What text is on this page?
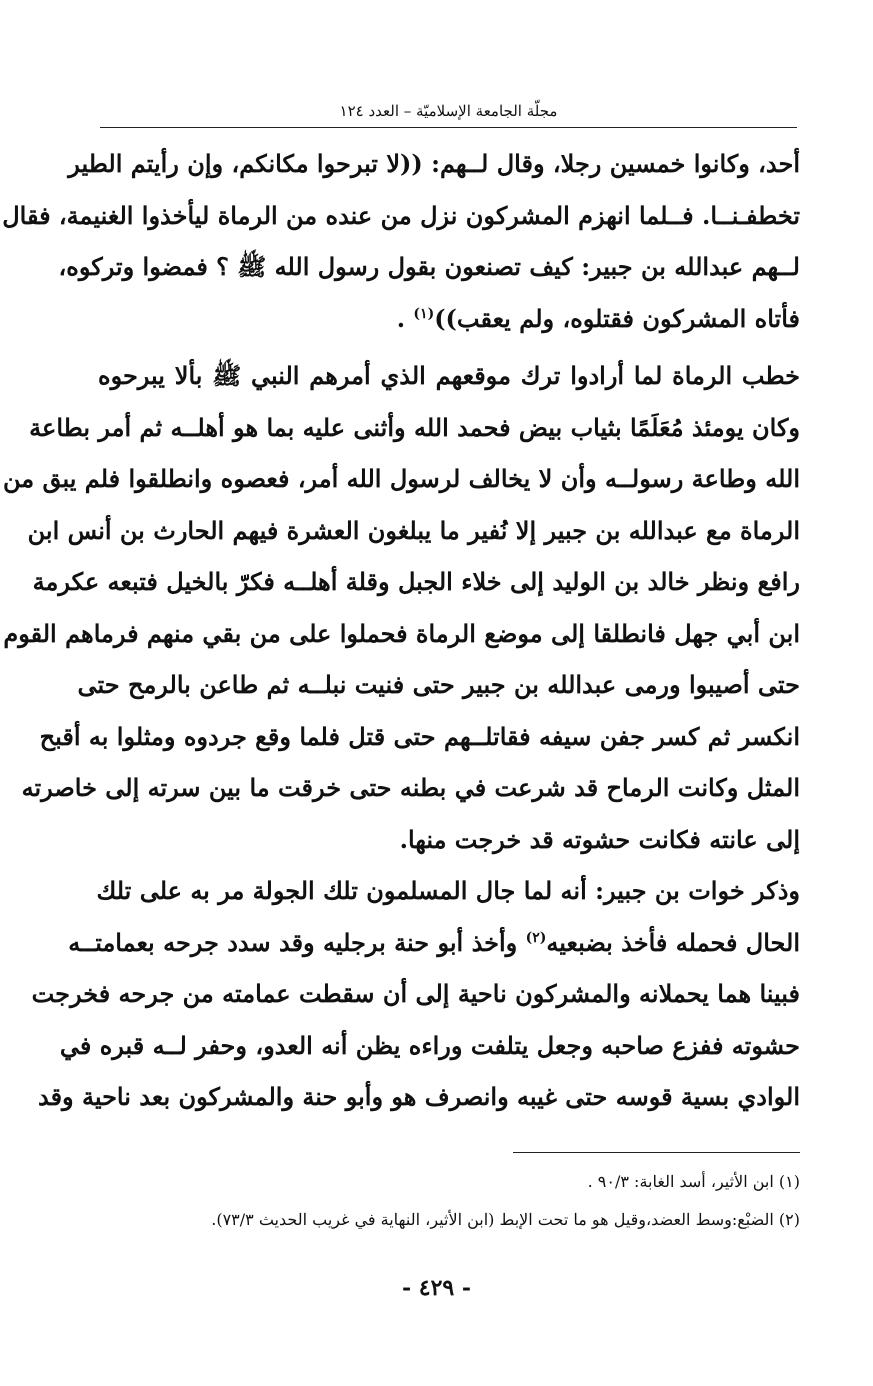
مجلّة الجامعة الإسلاميّة – العدد ١٢٤

أحد، وكانوا خمسين رجلا، وقال لــهم: ((لا تبرحوا مكانكم، وإن رأيتم الطير
تخطفـنــا. فــلما انهزم المشركون نزل من عنده من الرماة ليأخذوا الغنيمة، فقال
لــهم عبدالله بن جبير: كيف تصنعون بقول رسول الله ﷺ ؟ فمضوا وتركوه،
فأتاه المشركون فقتلوه، ولم يعقب))$^{(١)}$ .

خطب الرماة لما أرادوا ترك موقعهم الذي أمرهم النبي ﷺ بألا يبرحوه
وكان يومئذ مُعَلَمًا بثياب بيض فحمد الله وأثنى عليه بما هو أهلــه ثم أمر بطاعة
الله وطاعة رسولــه وأن لا يخالف لرسول الله أمر، فعصوه وانطلقوا فلم يبق من
الرماة مع عبدالله بن جبير إلا نُفير ما يبلغون العشرة فيهم الحارث بن أنس ابن
رافع ونظر خالد بن الوليد إلى خلاء الجبل وقلة أهلــه فكرّ بالخيل فتبعه عكرمة
ابن أبي جهل فانطلقا إلى موضع الرماة فحملوا على من بقي منهم فرماهم القوم
حتى أصيبوا ورمى عبدالله بن جبير حتى فنيت نبلــه ثم طاعن بالرمح حتى
انكسر ثم كسر جفن سيفه فقاتلــهم حتى قتل فلما وقع جردوه ومثلوا به أقبح
المثل وكانت الرماح قد شرعت في بطنه حتى خرقت ما بين سرته إلى خاصرته
إلى عانته فكانت حشوته قد خرجت منها.

وذكر خوات بن جبير: أنه لما جال المسلمون تلك الجولة مر به على تلك
الحال فحمله فأخذ بضبعيه$^{(٢)}$ وأخذ أبو حنة برجليه وقد سدد جرحه بعمامتــه
فبينا هما يحملانه والمشركون ناحية إلى أن سقطت عمامته من جرحه فخرجت
حشوته ففزع صاحبه وجعل يتلفت وراءه يظن أنه العدو، وحفر لــه قبره في
الوادي بسية قوسه حتى غيبه وانصرف هو وأبو حنة والمشركون بعد ناحية وقد

(١) ابن الأثير، أسد الغابة: ٩٠/٣ .

(٢) الضبْع:وسط العضد،وقيل هو ما تحت الإبط (ابن الأثير، النهاية في غريب الحديث ٧٣/٣).

- ٤٢٩ -
